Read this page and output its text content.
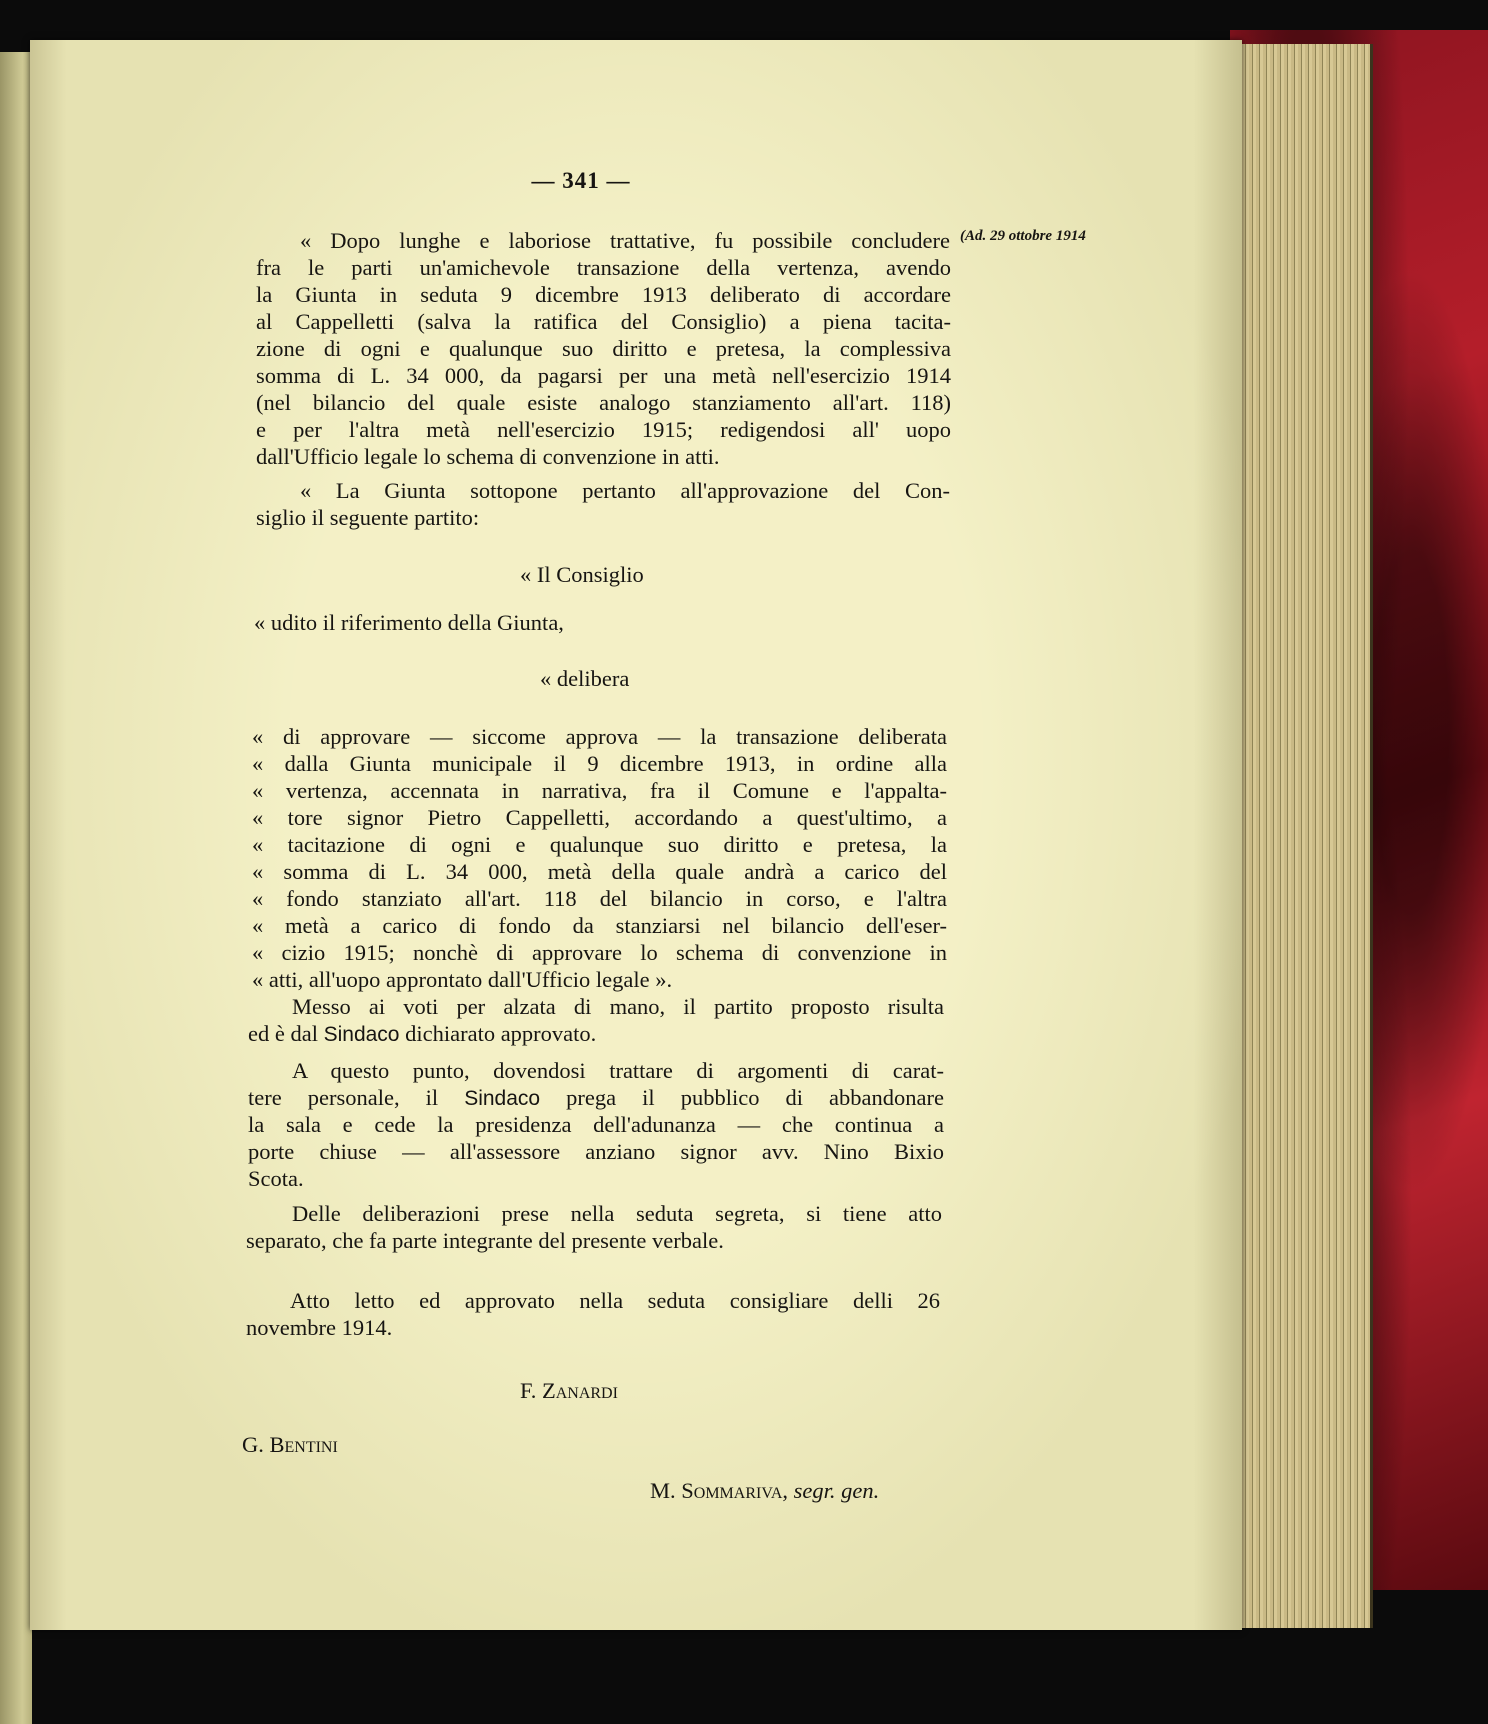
— 341 —
(Ad. 29 ottobre 1914
« Dopo lunghe e laboriose trattative, fu possibile concludere
fra le parti un'amichevole transazione della vertenza, avendo
la Giunta in seduta 9 dicembre 1913 deliberato di accordare
al Cappelletti (salva la ratifica del Consiglio) a piena tacita-
zione di ogni e qualunque suo diritto e pretesa, la complessiva
somma di L. 34 000, da pagarsi per una metà nell'esercizio 1914
(nel bilancio del quale esiste analogo stanziamento all'art. 118)
e per l'altra metà nell'esercizio 1915; redigendosi all' uopo
dall'Ufficio legale lo schema di convenzione in atti.
« La Giunta sottopone pertanto all'approvazione del Con-
siglio il seguente partito:
« Il Consiglio
« udito il riferimento della Giunta,
« delibera
« di approvare — siccome approva — la transazione deliberata
« dalla Giunta municipale il 9 dicembre 1913, in ordine alla
« vertenza, accennata in narrativa, fra il Comune e l'appalta-
« tore signor Pietro Cappelletti, accordando a quest'ultimo, a
« tacitazione di ogni e qualunque suo diritto e pretesa, la
« somma di L. 34 000, metà della quale andrà a carico del
« fondo stanziato all'art. 118 del bilancio in corso, e l'altra
« metà a carico di fondo da stanziarsi nel bilancio dell'eser-
« cizio 1915; nonchè di approvare lo schema di convenzione in
« atti, all'uopo approntato dall'Ufficio legale ».
Messo ai voti per alzata di mano, il partito proposto risulta
ed è dal Sindaco dichiarato approvato.
A questo punto, dovendosi trattare di argomenti di carat-
tere personale, il Sindaco prega il pubblico di abbandonare
la sala e cede la presidenza dell'adunanza — che continua a
porte chiuse — all'assessore anziano signor avv. Nino Bixio
Scota.
Delle deliberazioni prese nella seduta segreta, si tiene atto
separato, che fa parte integrante del presente verbale.
Atto letto ed approvato nella seduta consigliare delli 26
novembre 1914.
F. Zanardi
G. Bentini
M. Sommariva, segr. gen.
